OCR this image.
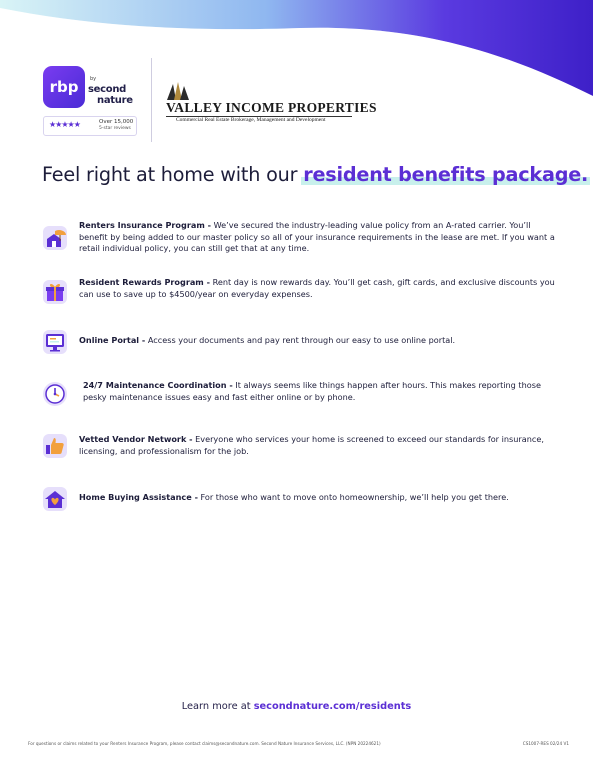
rbp by
second
nature
★★★★★	Over 15,000
5-star reviews
VALLEY INCOME PROPERTIES
Commercial Real Estate Brokerage, Management and Development
Feel right at home with our resident benefits package.
Renters Insurance Program - We’ve secured the industry-leading value policy from an A-rated carrier. You’ll benefit by being added to our master policy so all of your insurance requirements in the lease are met. If you want a retail individual policy, you can still get that at any time.
Resident Rewards Program - Rent day is now rewards day. You’ll get cash, gift cards, and exclusive discounts you can use to save up to $4500/year on everyday expenses.
Online Portal - Access your documents and pay rent through our easy to use online portal.
24/7 Maintenance Coordination - It always seems like things happen after hours. This makes reporting those pesky maintenance issues easy and fast either online or by phone.
Vetted Vendor Network - Everyone who services your home is screened to exceed our standards for insurance, licensing, and professionalism for the job.
Home Buying Assistance - For those who want to move onto homeownership, we’ll help you get there.
Learn more at secondnature.com/residents
For questions or claims related to your Renters Insurance Program, please contact claims@secondnature.com. Second Nature Insurance Services, LLC. (NPN 20224621)	CS1007-RES 02/24 V1
